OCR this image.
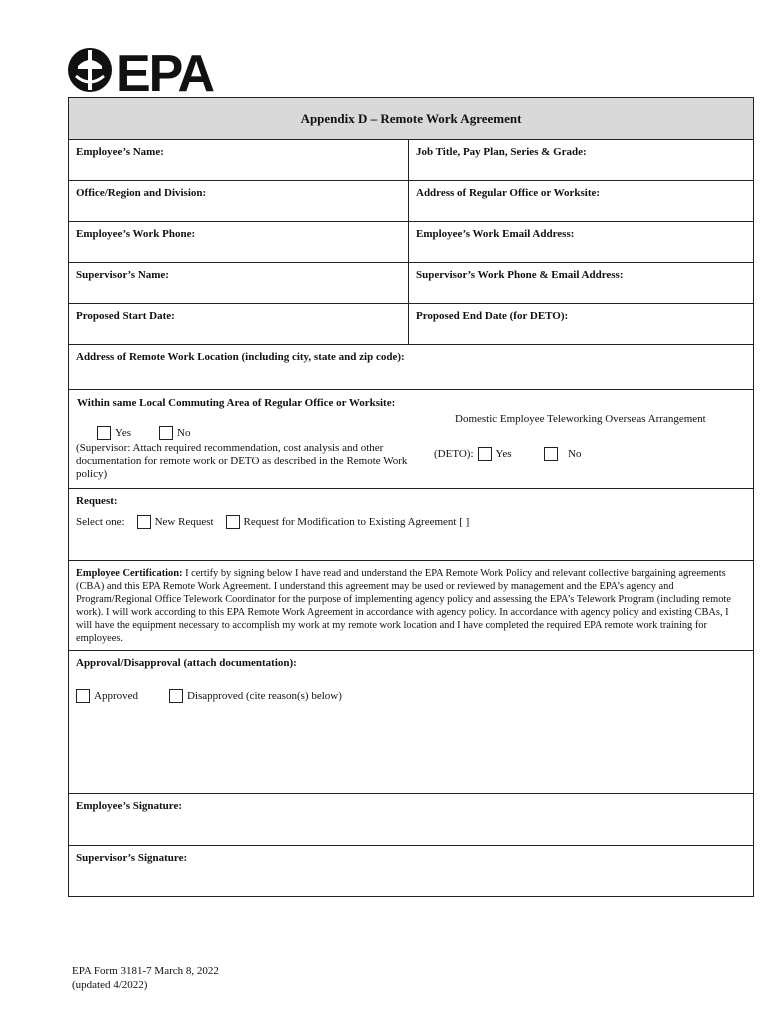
EPA
Appendix D – Remote Work Agreement
Employee’s Name:	Job Title, Pay Plan, Series & Grade:
Office/Region and Division:	Address of Regular Office or Worksite:
Employee’s Work Phone:	Employee’s Work Email Address:
Supervisor’s Name:	Supervisor’s Work Phone & Email Address:
Proposed Start Date:	Proposed End Date (for DETO):
Address of Remote Work Location (including city, state and zip code):
Within same Local Commuting Area of Regular Office or Worksite:
Domestic Employee Teleworking Overseas Arrangement
Yes	No
(Supervisor: Attach required recommendation, cost analysis and other documentation for remote work or DETO as described in the Remote Work policy)
(DETO): Yes	No
Request:
Select one:	New Request	Request for Modification to Existing Agreement [ ]
Employee Certification: I certify by signing below I have read and understand the EPA Remote Work Policy and relevant collective bargaining agreements (CBA) and this EPA Remote Work Agreement. I understand this agreement may be used or reviewed by management and the EPA’s agency and Program/Regional Office Telework Coordinator for the purpose of implementing agency policy and assessing the EPA’s Telework Program (including remote work). I will work according to this EPA Remote Work Agreement in accordance with agency policy. In accordance with agency policy and existing CBAs, I will have the equipment necessary to accomplish my work at my remote work location and I have completed the required EPA remote work training for employees.
Approval/Disapproval (attach documentation):
Approved	Disapproved (cite reason(s) below)
Employee’s Signature:
Supervisor’s Signature:
EPA Form 3181-7 March 8, 2022
(updated 4/2022)
